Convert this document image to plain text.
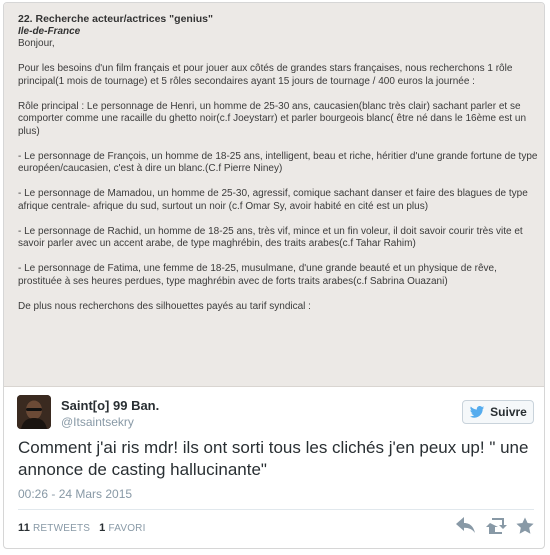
22. Recherche acteur/actrices "genius"
Ile-de-France

Bonjour,

Pour les besoins d'un film français et pour jouer aux côtés de grandes stars françaises, nous recherchons 1 rôle principal(1 mois de tournage) et 5 rôles secondaires ayant 15 jours de tournage / 400 euros la journée :

Rôle principal : Le personnage de Henri, un homme de 25-30 ans, caucasien(blanc très clair) sachant parler et se comporter comme une racaille du ghetto noir(c.f Joeystarr) et parler bourgeois blanc( être né dans le 16ème est un plus)

- Le personnage de François, un homme de 18-25 ans, intelligent, beau et riche, héritier d'une grande fortune de type européen/caucasien, c'est à dire un blanc.(C.f Pierre Niney)

- Le personnage de Mamadou, un homme de 25-30, agressif, comique sachant danser et faire des blagues de type afrique centrale- afrique du sud, surtout un noir (c.f Omar Sy, avoir habité en cité est un plus)

- Le personnage de Rachid, un homme de 18-25 ans, très vif, mince et un fin voleur, il doit savoir courir très vite et savoir parler avec un accent arabe, de type maghrébin, des traits arabes(c.f Tahar Rahim)

- Le personnage de Fatima, une femme de 18-25, musulmane, d'une grande beauté et un physique de rêve, prostituée à ses heures perdues, type maghrébin avec de forts traits arabes(c.f Sabrina Ouazani)

De plus nous recherchons des silhouettes payés au tarif syndical :

Saint[o] 99 Ban.
@Itsaintsekry
Suivre
Comment j'ai ris mdr! ils ont sorti tous les clichés j'en peux up! " une annonce de casting hallucinante"
00:26 - 24 Mars 2015
11 RETWEETS 1 FAVORI
